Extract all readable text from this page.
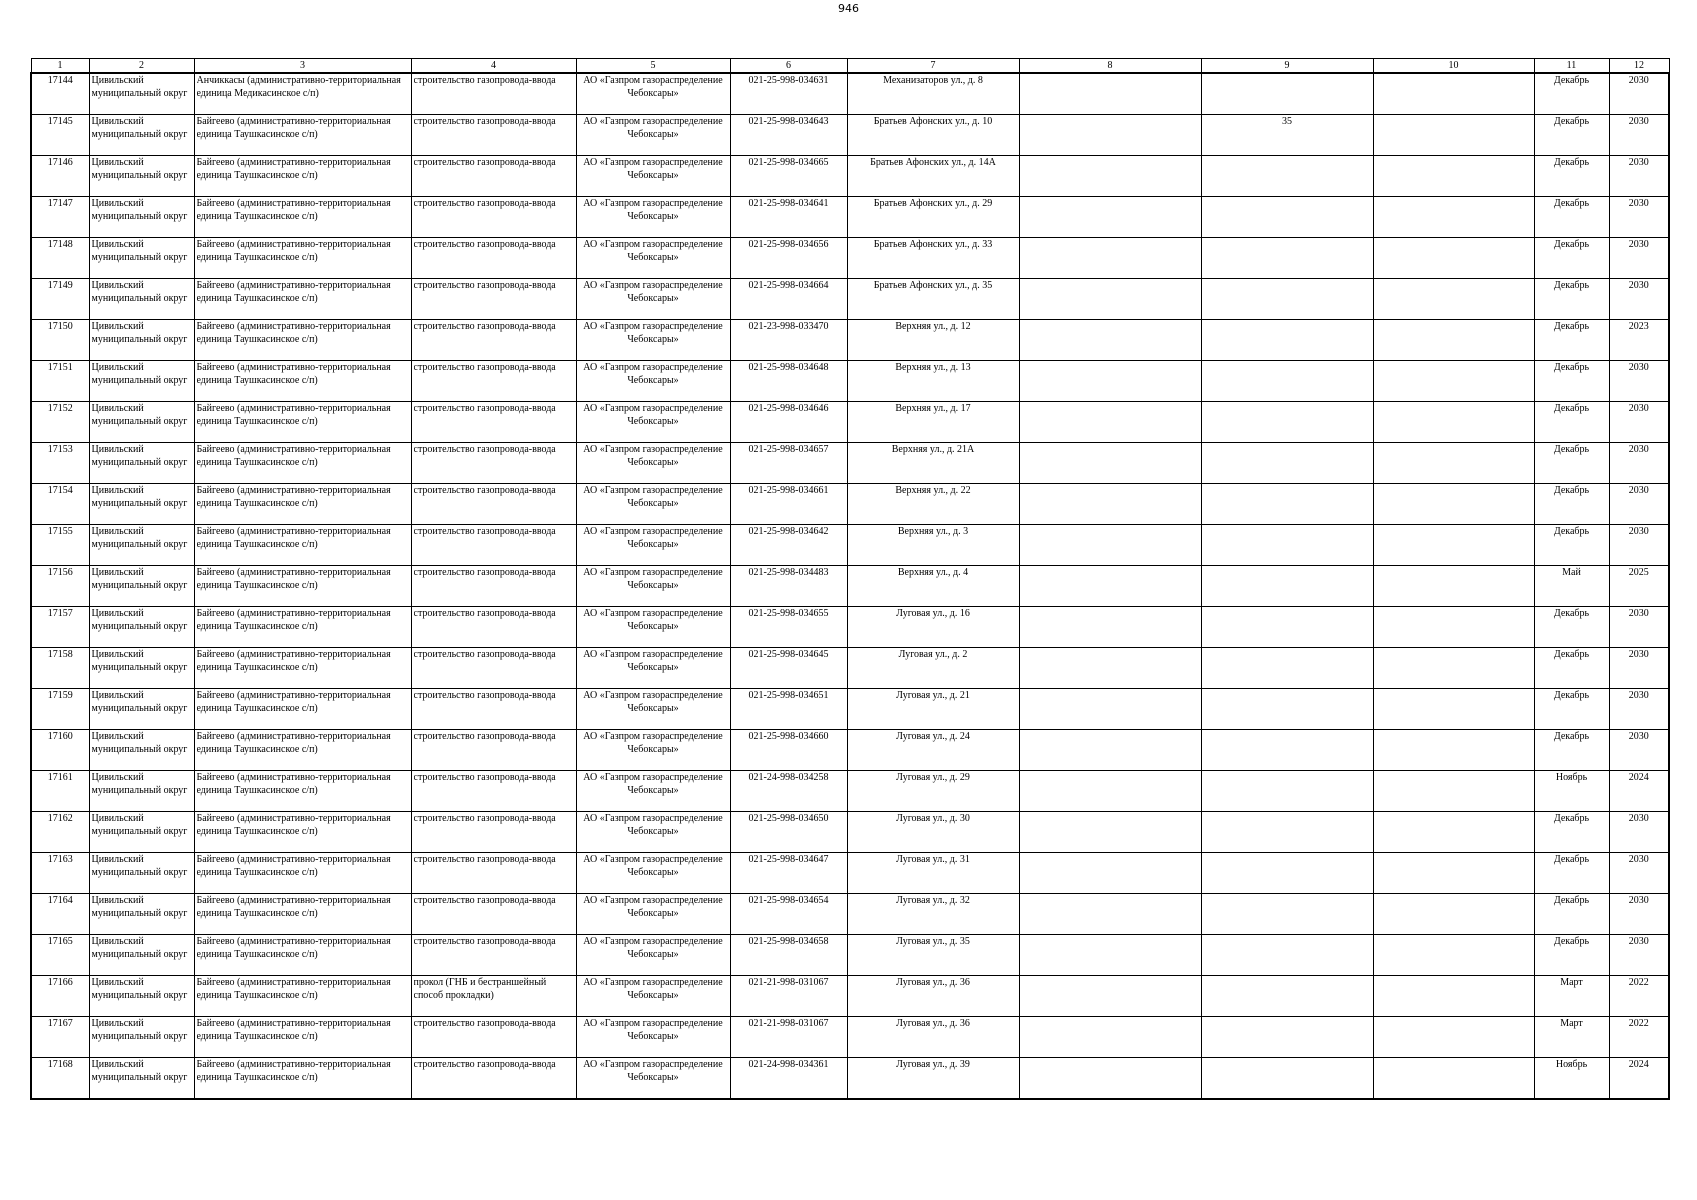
946
1	2	3	4	5	6	7	8	9	10	11	12

17144	Цивильский муниципальный округ	Анчиккасы (административно-территориальная единица Медикасинское с/п)	строительство газопровода-ввода	АО «Газпром газораспределение Чебоксары»	021-25-998-034631	Механизаторов ул., д. 8				Декабрь	2030

17145	Цивильский муниципальный округ	Байгеево (административно-территориальная единица Таушкасинское с/п)	строительство газопровода-ввода	АО «Газпром газораспределение Чебоксары»	021-25-998-034643	Братьев Афонских ул., д. 10		35		Декабрь	2030

17146	Цивильский муниципальный округ	Байгеево (административно-территориальная единица Таушкасинское с/п)	строительство газопровода-ввода	АО «Газпром газораспределение Чебоксары»	021-25-998-034665	Братьев Афонских ул., д. 14А				Декабрь	2030

17147	Цивильский муниципальный округ	Байгеево (административно-территориальная единица Таушкасинское с/п)	строительство газопровода-ввода	АО «Газпром газораспределение Чебоксары»	021-25-998-034641	Братьев Афонских ул., д. 29				Декабрь	2030

17148	Цивильский муниципальный округ	Байгеево (административно-территориальная единица Таушкасинское с/п)	строительство газопровода-ввода	АО «Газпром газораспределение Чебоксары»	021-25-998-034656	Братьев Афонских ул., д. 33				Декабрь	2030

17149	Цивильский муниципальный округ	Байгеево (административно-территориальная единица Таушкасинское с/п)	строительство газопровода-ввода	АО «Газпром газораспределение Чебоксары»	021-25-998-034664	Братьев Афонских ул., д. 35				Декабрь	2030

17150	Цивильский муниципальный округ	Байгеево (административно-территориальная единица Таушкасинское с/п)	строительство газопровода-ввода	АО «Газпром газораспределение Чебоксары»	021-23-998-033470	Верхняя ул., д. 12				Декабрь	2023

17151	Цивильский муниципальный округ	Байгеево (административно-территориальная единица Таушкасинское с/п)	строительство газопровода-ввода	АО «Газпром газораспределение Чебоксары»	021-25-998-034648	Верхняя ул., д. 13				Декабрь	2030

17152	Цивильский муниципальный округ	Байгеево (административно-территориальная единица Таушкасинское с/п)	строительство газопровода-ввода	АО «Газпром газораспределение Чебоксары»	021-25-998-034646	Верхняя ул., д. 17				Декабрь	2030

17153	Цивильский муниципальный округ	Байгеево (административно-территориальная единица Таушкасинское с/п)	строительство газопровода-ввода	АО «Газпром газораспределение Чебоксары»	021-25-998-034657	Верхняя ул., д. 21А				Декабрь	2030

17154	Цивильский муниципальный округ	Байгеево (административно-территориальная единица Таушкасинское с/п)	строительство газопровода-ввода	АО «Газпром газораспределение Чебоксары»	021-25-998-034661	Верхняя ул., д. 22				Декабрь	2030

17155	Цивильский муниципальный округ	Байгеево (административно-территориальная единица Таушкасинское с/п)	строительство газопровода-ввода	АО «Газпром газораспределение Чебоксары»	021-25-998-034642	Верхняя ул., д. 3				Декабрь	2030

17156	Цивильский муниципальный округ	Байгеево (административно-территориальная единица Таушкасинское с/п)	строительство газопровода-ввода	АО «Газпром газораспределение Чебоксары»	021-25-998-034483	Верхняя ул., д. 4				Май	2025

17157	Цивильский муниципальный округ	Байгеево (административно-территориальная единица Таушкасинское с/п)	строительство газопровода-ввода	АО «Газпром газораспределение Чебоксары»	021-25-998-034655	Луговая ул., д. 16				Декабрь	2030

17158	Цивильский муниципальный округ	Байгеево (административно-территориальная единица Таушкасинское с/п)	строительство газопровода-ввода	АО «Газпром газораспределение Чебоксары»	021-25-998-034645	Луговая ул., д. 2				Декабрь	2030

17159	Цивильский муниципальный округ	Байгеево (административно-территориальная единица Таушкасинское с/п)	строительство газопровода-ввода	АО «Газпром газораспределение Чебоксары»	021-25-998-034651	Луговая ул., д. 21				Декабрь	2030

17160	Цивильский муниципальный округ	Байгеево (административно-территориальная единица Таушкасинское с/п)	строительство газопровода-ввода	АО «Газпром газораспределение Чебоксары»	021-25-998-034660	Луговая ул., д. 24				Декабрь	2030

17161	Цивильский муниципальный округ	Байгеево (административно-территориальная единица Таушкасинское с/п)	строительство газопровода-ввода	АО «Газпром газораспределение Чебоксары»	021-24-998-034258	Луговая ул., д. 29				Ноябрь	2024

17162	Цивильский муниципальный округ	Байгеево (административно-территориальная единица Таушкасинское с/п)	строительство газопровода-ввода	АО «Газпром газораспределение Чебоксары»	021-25-998-034650	Луговая ул., д. 30				Декабрь	2030

17163	Цивильский муниципальный округ	Байгеево (административно-территориальная единица Таушкасинское с/п)	строительство газопровода-ввода	АО «Газпром газораспределение Чебоксары»	021-25-998-034647	Луговая ул., д. 31				Декабрь	2030

17164	Цивильский муниципальный округ	Байгеево (административно-территориальная единица Таушкасинское с/п)	строительство газопровода-ввода	АО «Газпром газораспределение Чебоксары»	021-25-998-034654	Луговая ул., д. 32				Декабрь	2030

17165	Цивильский муниципальный округ	Байгеево (административно-территориальная единица Таушкасинское с/п)	строительство газопровода-ввода	АО «Газпром газораспределение Чебоксары»	021-25-998-034658	Луговая ул., д. 35				Декабрь	2030

17166	Цивильский муниципальный округ	Байгеево (административно-территориальная единица Таушкасинское с/п)	прокол (ГНБ и бестраншейный способ прокладки)	АО «Газпром газораспределение Чебоксары»	021-21-998-031067	Луговая ул., д. 36				Март	2022

17167	Цивильский муниципальный округ	Байгеево (административно-территориальная единица Таушкасинское с/п)	строительство газопровода-ввода	АО «Газпром газораспределение Чебоксары»	021-21-998-031067	Луговая ул., д. 36				Март	2022

17168	Цивильский муниципальный округ	Байгеево (административно-территориальная единица Таушкасинское с/п)	строительство газопровода-ввода	АО «Газпром газораспределение Чебоксары»	021-24-998-034361	Луговая ул., д. 39				Ноябрь	2024
